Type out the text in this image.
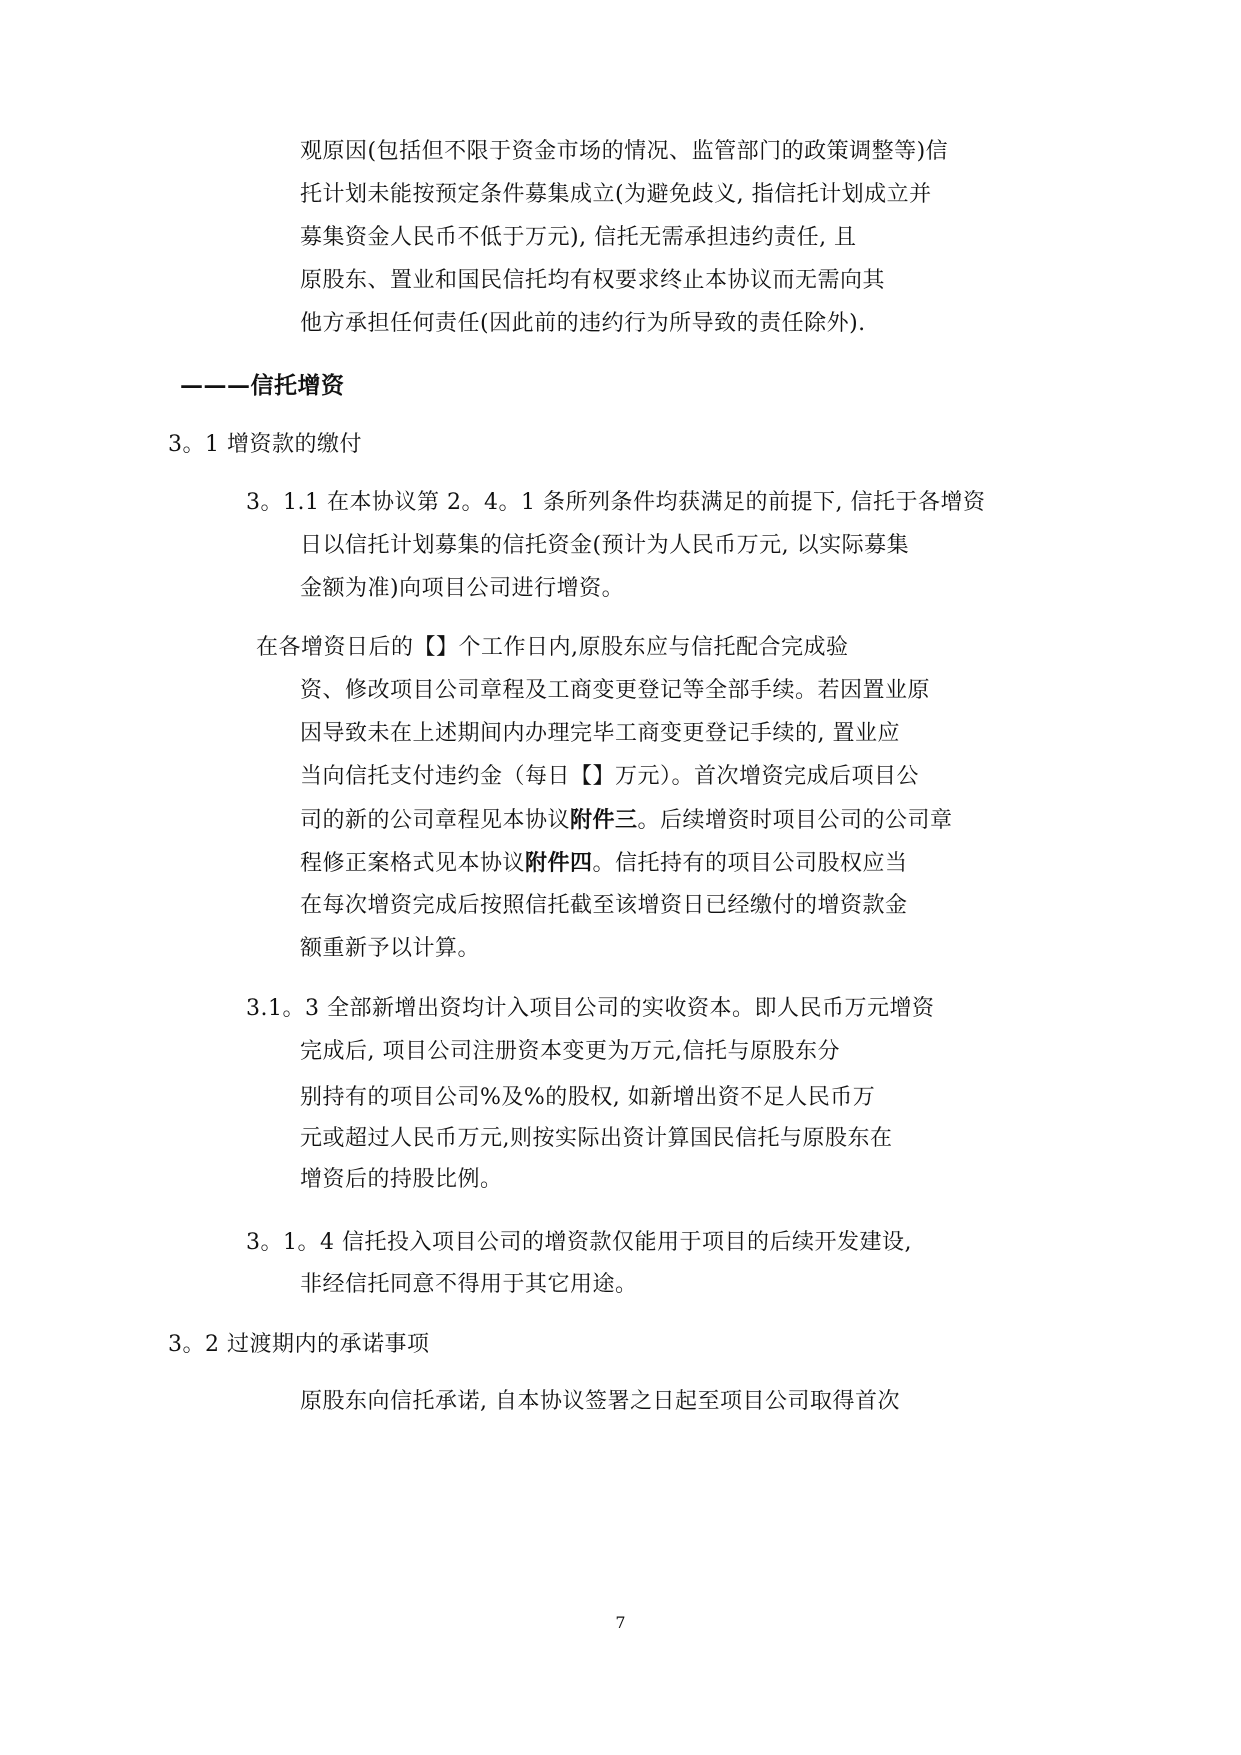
观原因(包括但不限于资金市场的情况、监管部门的政策调整等)信
托计划未能按预定条件募集成立(为避免歧义, 指信托计划成立并
募集资金人民币不低于万元), 信托无需承担违约责任, 且
原股东、置业和国民信托均有权要求终止本协议而无需向其
他方承担任何责任(因此前的违约行为所导致的责任除外).
———信托增资
3。1 增资款的缴付
3。1.1 在本协议第 2。4。1 条所列条件均获满足的前提下, 信托于各增资
日以信托计划募集的信托资金(预计为人民币万元, 以实际募集
金额为准)向项目公司进行增资。
在各增资日后的【】个工作日内,原股东应与信托配合完成验
资、修改项目公司章程及工商变更登记等全部手续。若因置业原
因导致未在上述期间内办理完毕工商变更登记手续的, 置业应
当向信托支付违约金（每日【】万元）。首次增资完成后项目公
司的新的公司章程见本协议附件三。后续增资时项目公司的公司章
程修正案格式见本协议附件四。信托持有的项目公司股权应当
在每次增资完成后按照信托截至该增资日已经缴付的增资款金
额重新予以计算。
3.1。3 全部新增出资均计入项目公司的实收资本。即人民币万元增资
完成后, 项目公司注册资本变更为万元,信托与原股东分
别持有的项目公司%及%的股权, 如新增出资不足人民币万
元或超过人民币万元,则按实际出资计算国民信托与原股东在
增资后的持股比例。
3。1。4 信托投入项目公司的增资款仅能用于项目的后续开发建设,
非经信托同意不得用于其它用途。
3。2 过渡期内的承诺事项
原股东向信托承诺, 自本协议签署之日起至项目公司取得首次
7
